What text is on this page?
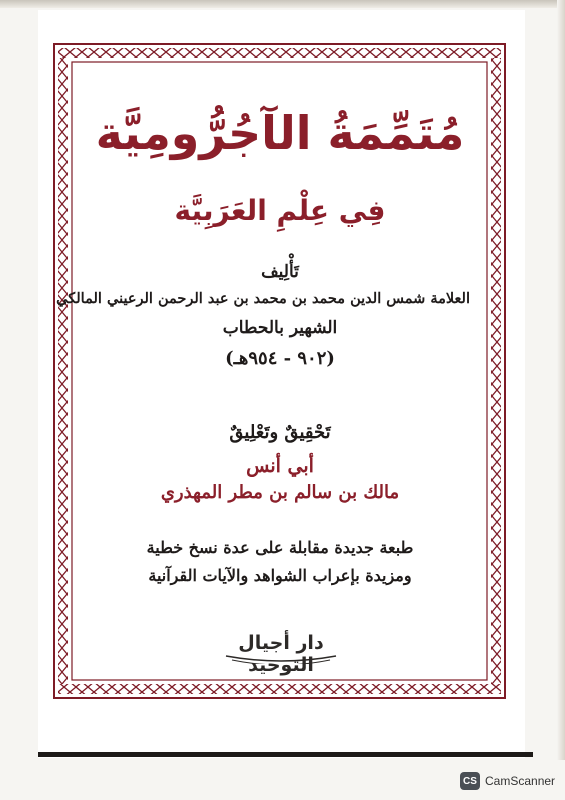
مُتَمِّمَةُ الآجُرُّومِيَّة
فِي عِلْمِ العَرَبِيَّة
تَأْلِيف
العلامة شمس الدين محمد بن محمد بن عبد الرحمن الرعيني المالكي
الشهير بالحطاب
(٩٠٢ - ٩٥٤هـ)
تَحْقِيقٌ وتَعْلِيقٌ
أبي أنس
مالك بن سالم بن مطر المهذري
طبعة جديدة مقابلة على عدة نسخ خطية
ومزيدة بإعراب الشواهد والآيات القرآنية
دار أجيال التوحيد
CS CamScanner
